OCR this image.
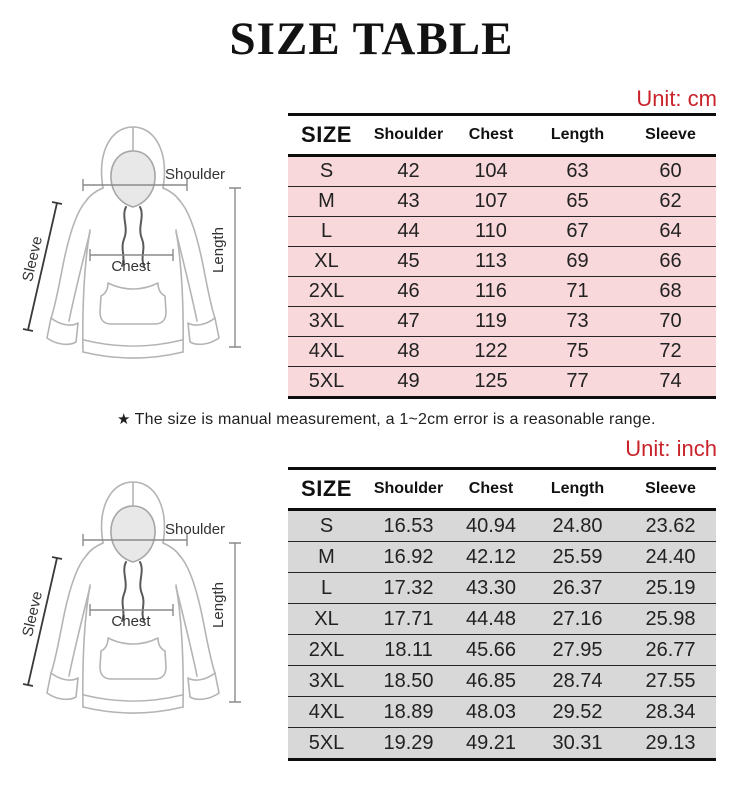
SIZE TABLE
Unit: cm
Shoulder
Chest	Length
Sleeve
SIZE	Shoulder	Chest	Length	Sleeve
S	42	104	63	60
M	43	107	65	62
L	44	110	67	64
XL	45	113	69	66
2XL	46	116	71	68
3XL	47	119	73	70
4XL	48	122	75	72
5XL	49	125	77	74
★ The size is manual measurement, a 1~2cm error is a reasonable range.
Unit: inch
Shoulder
Chest	Length
Sleeve
SIZE	Shoulder	Chest	Length	Sleeve
S	16.53	40.94	24.80	23.62
M	16.92	42.12	25.59	24.40
L	17.32	43.30	26.37	25.19
XL	17.71	44.48	27.16	25.98
2XL	18.11	45.66	27.95	26.77
3XL	18.50	46.85	28.74	27.55
4XL	18.89	48.03	29.52	28.34
5XL	19.29	49.21	30.31	29.13
